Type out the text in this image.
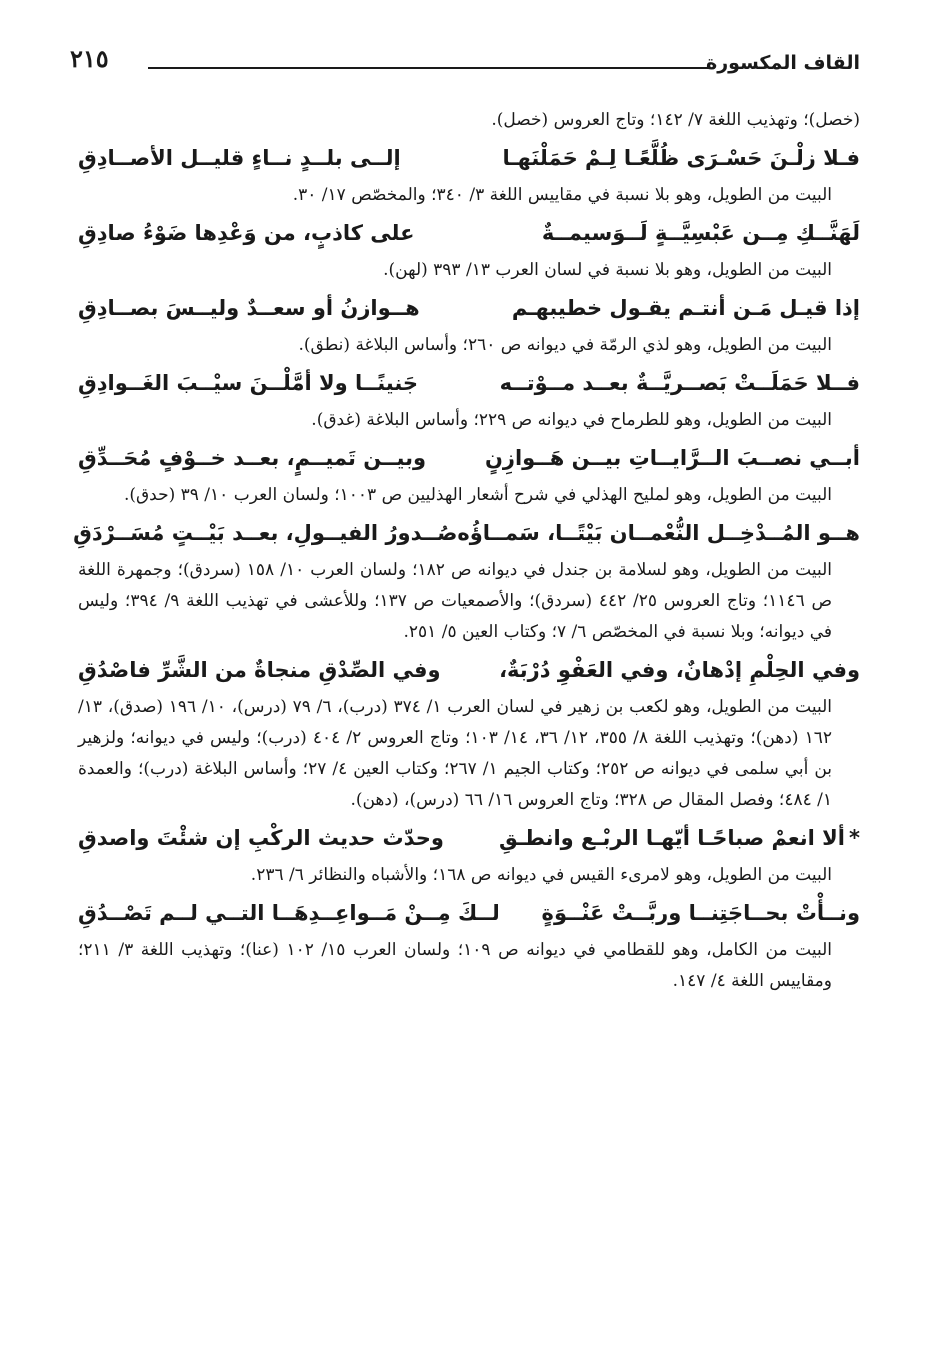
القاف المكسورة
٢١٥

(خصل)؛ وتهذيب اللغة ٧/ ١٤٢؛ وتاج العروس (خصل).

فـلا زلْـنَ حَسْـرَى ظُلَّعًـا لِـمْ حَمَلْنَهـا
إلــى بلــدٍ نــاءٍ قليــل الأصــادِقِ

البيت من الطويل، وهو بلا نسبة في مقاييس اللغة ٣/ ٣٤٠؛ والمخصّص ١٧/ ٣٠.

لَهَنَّــكِ مِــن عَبْسِيَّــةٍ لَــوَسيمــةٌ
على كاذبٍ، من وَعْدِها ضَوْءُ صادِقِ

البيت من الطويل، وهو بلا نسبة في لسان العرب ١٣/ ٣٩٣ (لهن).

إذا قيـل مَـن أنتـم يقـول خطيبهـم
هــوازنُ أو سعــدٌ وليــسَ بصــادِقِ

البيت من الطويل، وهو لذي الرمّة في ديوانه ص ٢٦٠؛ وأساس البلاغة (نطق).

فــلا حَمَلَــتْ بَصــريَّــةٌ بعــد مــوْتــه
جَنينًــا ولا أمَّلْــنَ سيْــبَ الغَــوادِقِ

البيت من الطويل، وهو للطرماح في ديوانه ص ٢٢٩؛ وأساس البلاغة (غدق).

أبــي نصــبَ الــرَّايــاتِ بيــن هَــوازِنٍ
وبيــن تَميــمٍ، بعــد خــوْفٍ مُحَــدِّقِ

البيت من الطويل، وهو لمليح الهذلي في شرح أشعار الهذليين ص ١٠٠٣؛ ولسان العرب ١٠/ ٣٩ (حدق).

هــو المُــدْخِــل النُّعْمــان بَيْتًــا، سَمــاؤُه
صُــدورُ الفيــولِ، بعــد بَيْــتٍ مُسَــرْدَقِ

البيت من الطويل، وهو لسلامة بن جندل في ديوانه ص ١٨٢؛ ولسان العرب ١٠/ ١٥٨ (سردق)؛ وجمهرة اللغة ص ١١٤٦؛ وتاج العروس ٢٥/ ٤٤٢ (سردق)؛ والأصمعيات ص ١٣٧؛ وللأعشى في تهذيب اللغة ٩/ ٣٩٤؛ وليس في ديوانه؛ وبلا نسبة في المخصّص ٦/ ٧؛ وكتاب العين ٥/ ٢٥١.

وفي الحِلْمِ إدْهانٌ، وفي العَفْوِ دُرْبَةٌ،
وفي الصِّدْقِ منجاةٌ من الشَّرِّ فاصْدُقِ

البيت من الطويل، وهو لكعب بن زهير في لسان العرب ١/ ٣٧٤ (درب)، ٦/ ٧٩ (درس)، ١٠/ ١٩٦ (صدق)، ١٣/ ١٦٢ (دهن)؛ وتهذيب اللغة ٨/ ٣٥٥، ١٢/ ٣٦، ١٤/ ١٠٣؛ وتاج العروس ٢/ ٤٠٤ (درب)؛ وليس في ديوانه؛ ولزهير بن أبي سلمى في ديوانه ص ٢٥٢؛ وكتاب الجيم ١/ ٢٦٧؛ وكتاب العين ٤/ ٢٧؛ وأساس البلاغة (درب)؛ والعمدة ١/ ٤٨٤؛ وفصل المقال ص ٣٢٨؛ وتاج العروس ١٦/ ٦٦ (درس)، (دهن).

*ألا انعمْ صباحًـا أيّهـا الربْـع وانطـقِ
وحدّث حديث الركْبِ إن شئْتَ واصدقِ

البيت من الطويل، وهو لامرىء القيس في ديوانه ص ١٦٨؛ والأشباه والنظائر ٦/ ٢٣٦.

ونــأْتْ بحــاجَتِنــا وربَّــتْ عَنْــوَةٍ
لــكَ مِــنْ مَــواعِــدِهَــا التــي لــم تَصْــدُقِ

البيت من الكامل، وهو للقطامي في ديوانه ص ١٠٩؛ ولسان العرب ١٥/ ١٠٢ (عنا)؛ وتهذيب اللغة ٣/ ٢١١؛ ومقاييس اللغة ٤/ ١٤٧.
